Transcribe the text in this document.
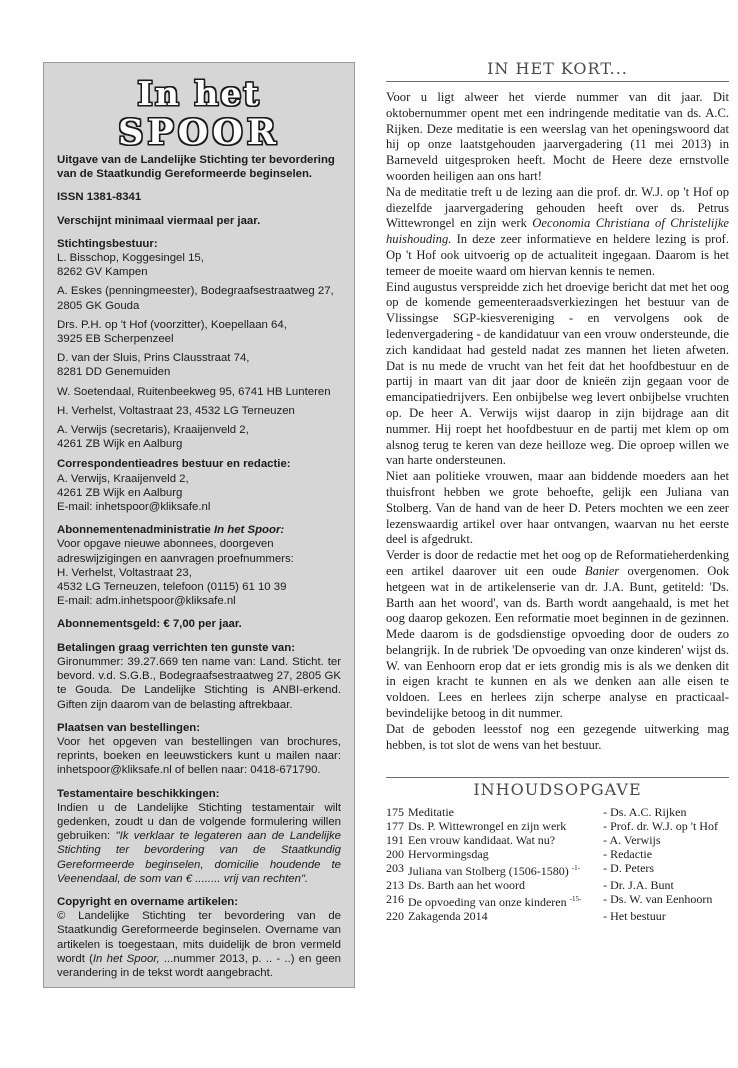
In het
SPOOR
Uitgave van de Landelijke Stichting ter bevordering van de Staatkundig Gereformeerde beginselen.
ISSN 1381-8341
Verschijnt minimaal viermaal per jaar.
Stichtingsbestuur:
L. Bisschop, Koggesingel 15,
8262 GV Kampen
A. Eskes (penningmeester), Bodegraafsestraatweg 27,
2805 GK Gouda
Drs. P.H. op 't Hof (voorzitter), Koepellaan 64,
3925 EB Scherpenzeel
D. van der Sluis, Prins Clausstraat 74,
8281 DD Genemuiden
W. Soetendaal, Ruitenbeekweg 95, 6741 HB Lunteren
H. Verhelst, Voltastraat 23, 4532 LG Terneuzen
A. Verwijs (secretaris), Kraaijenveld 2,
4261 ZB Wijk en Aalburg
Correspondentieadres bestuur en redactie:
A. Verwijs, Kraaijenveld 2,
4261 ZB Wijk en Aalburg
E-mail: inhetspoor@kliksafe.nl
Abonnementenadministratie In het Spoor:
Voor opgave nieuwe abonnees, doorgeven adreswijzigingen en aanvragen proefnummers:
H. Verhelst, Voltastraat 23,
4532 LG Terneuzen, telefoon (0115) 61 10 39
E-mail: adm.inhetspoor@kliksafe.nl
Abonnementsgeld: € 7,00 per jaar.
Betalingen graag verrichten ten gunste van:
Gironummer: 39.27.669 ten name van: Land. Sticht. ter bevord. v.d. S.G.B., Bodegraafsestraatweg 27, 2805 GK te Gouda. De Landelijke Stichting is ANBI-erkend. Giften zijn daarom van de belasting aftrekbaar.
Plaatsen van bestellingen:
Voor het opgeven van bestellingen van brochures, reprints, boeken en leeuwstickers kunt u mailen naar: inhetspoor@kliksafe.nl of bellen naar: 0418-671790.
Testamentaire beschikkingen:
Indien u de Landelijke Stichting testamentair wilt gedenken, zoudt u dan de volgende formulering willen gebruiken: "Ik verklaar te legateren aan de Landelijke Stichting ter bevordering van de Staatkundig Gereformeerde beginselen, domicilie houdende te Veenendaal, de som van € ........ vrij van rechten".
Copyright en overname artikelen:
© Landelijke Stichting ter bevordering van de Staatkundig Gereformeerde beginselen. Overname van artikelen is toegestaan, mits duidelijk de bron vermeld wordt (In het Spoor, ...nummer 2013, p. .. - ..) en geen verandering in de tekst wordt aangebracht.
IN HET KORT...
Voor u ligt alweer het vierde nummer van dit jaar. Dit oktobernummer opent met een indringende meditatie van ds. A.C. Rijken. Deze meditatie is een weerslag van het openingswoord dat hij op onze laatstgehouden jaarvergadering (11 mei 2013) in Barneveld uitgesproken heeft. Mocht de Heere deze ernstvolle woorden heiligen aan ons hart!
Na de meditatie treft u de lezing aan die prof. dr. W.J. op 't Hof op diezelfde jaarvergadering gehouden heeft over ds. Petrus Wittewrongel en zijn werk Oeconomia Christiana of Christelijke huishouding. In deze zeer informatieve en heldere lezing is prof. Op 't Hof ook uitvoerig op de actualiteit ingegaan. Daarom is het temeer de moeite waard om hiervan kennis te nemen.
Eind augustus verspreidde zich het droevige bericht dat met het oog op de komende gemeenteraadsverkiezingen het bestuur van de Vlissingse SGP-kiesvereniging - en vervolgens ook de ledenvergadering - de kandidatuur van een vrouw ondersteunde, die zich kandidaat had gesteld nadat zes mannen het lieten afweten. Dat is nu mede de vrucht van het feit dat het hoofdbestuur en de partij in maart van dit jaar door de knieën zijn gegaan voor de emancipatiedrijvers. Een onbijbelse weg levert onbijbelse vruchten op. De heer A. Verwijs wijst daarop in zijn bijdrage aan dit nummer. Hij roept het hoofdbestuur en de partij met klem op om alsnog terug te keren van deze heilloze weg. Die oproep willen we van harte ondersteunen.
Niet aan politieke vrouwen, maar aan biddende moeders aan het thuisfront hebben we grote behoefte, gelijk een Juliana van Stolberg. Van de hand van de heer D. Peters mochten we een zeer lezenswaardig artikel over haar ontvangen, waarvan nu het eerste deel is afgedrukt.
Verder is door de redactie met het oog op de Reformatieherdenking een artikel daarover uit een oude Banier overgenomen. Ook hetgeen wat in de artikelenserie van dr. J.A. Bunt, getiteld: 'Ds. Barth aan het woord', van ds. Barth wordt aangehaald, is met het oog daarop gekozen. Een reformatie moet beginnen in de gezinnen. Mede daarom is de godsdienstige opvoeding door de ouders zo belangrijk. In de rubriek 'De opvoeding van onze kinderen' wijst ds. W. van Eenhoorn erop dat er iets grondig mis is als we denken dit in eigen kracht te kunnen en als we denken aan alle eisen te voldoen. Lees en herlees zijn scherpe analyse en practicaal-bevindelijke betoog in dit nummer.
Dat de geboden leesstof nog een gezegende uitwerking mag hebben, is tot slot de wens van het bestuur.
INHOUDSOPGAVE
175	Meditatie	- Ds. A.C. Rijken
177	Ds. P. Wittewrongel en zijn werk	- Prof. dr. W.J. op 't Hof
191	Een vrouw kandidaat. Wat nu?	- A. Verwijs
200	Hervormingsdag	- Redactie
203	Juliana van Stolberg (1506-1580) $^{-1-}$	- D. Peters
213	Ds. Barth aan het woord	- Dr. J.A. Bunt
216	De opvoeding van onze kinderen $^{-15-}$	- Ds. W. van Eenhoorn
220	Zakagenda 2014	- Het bestuur
